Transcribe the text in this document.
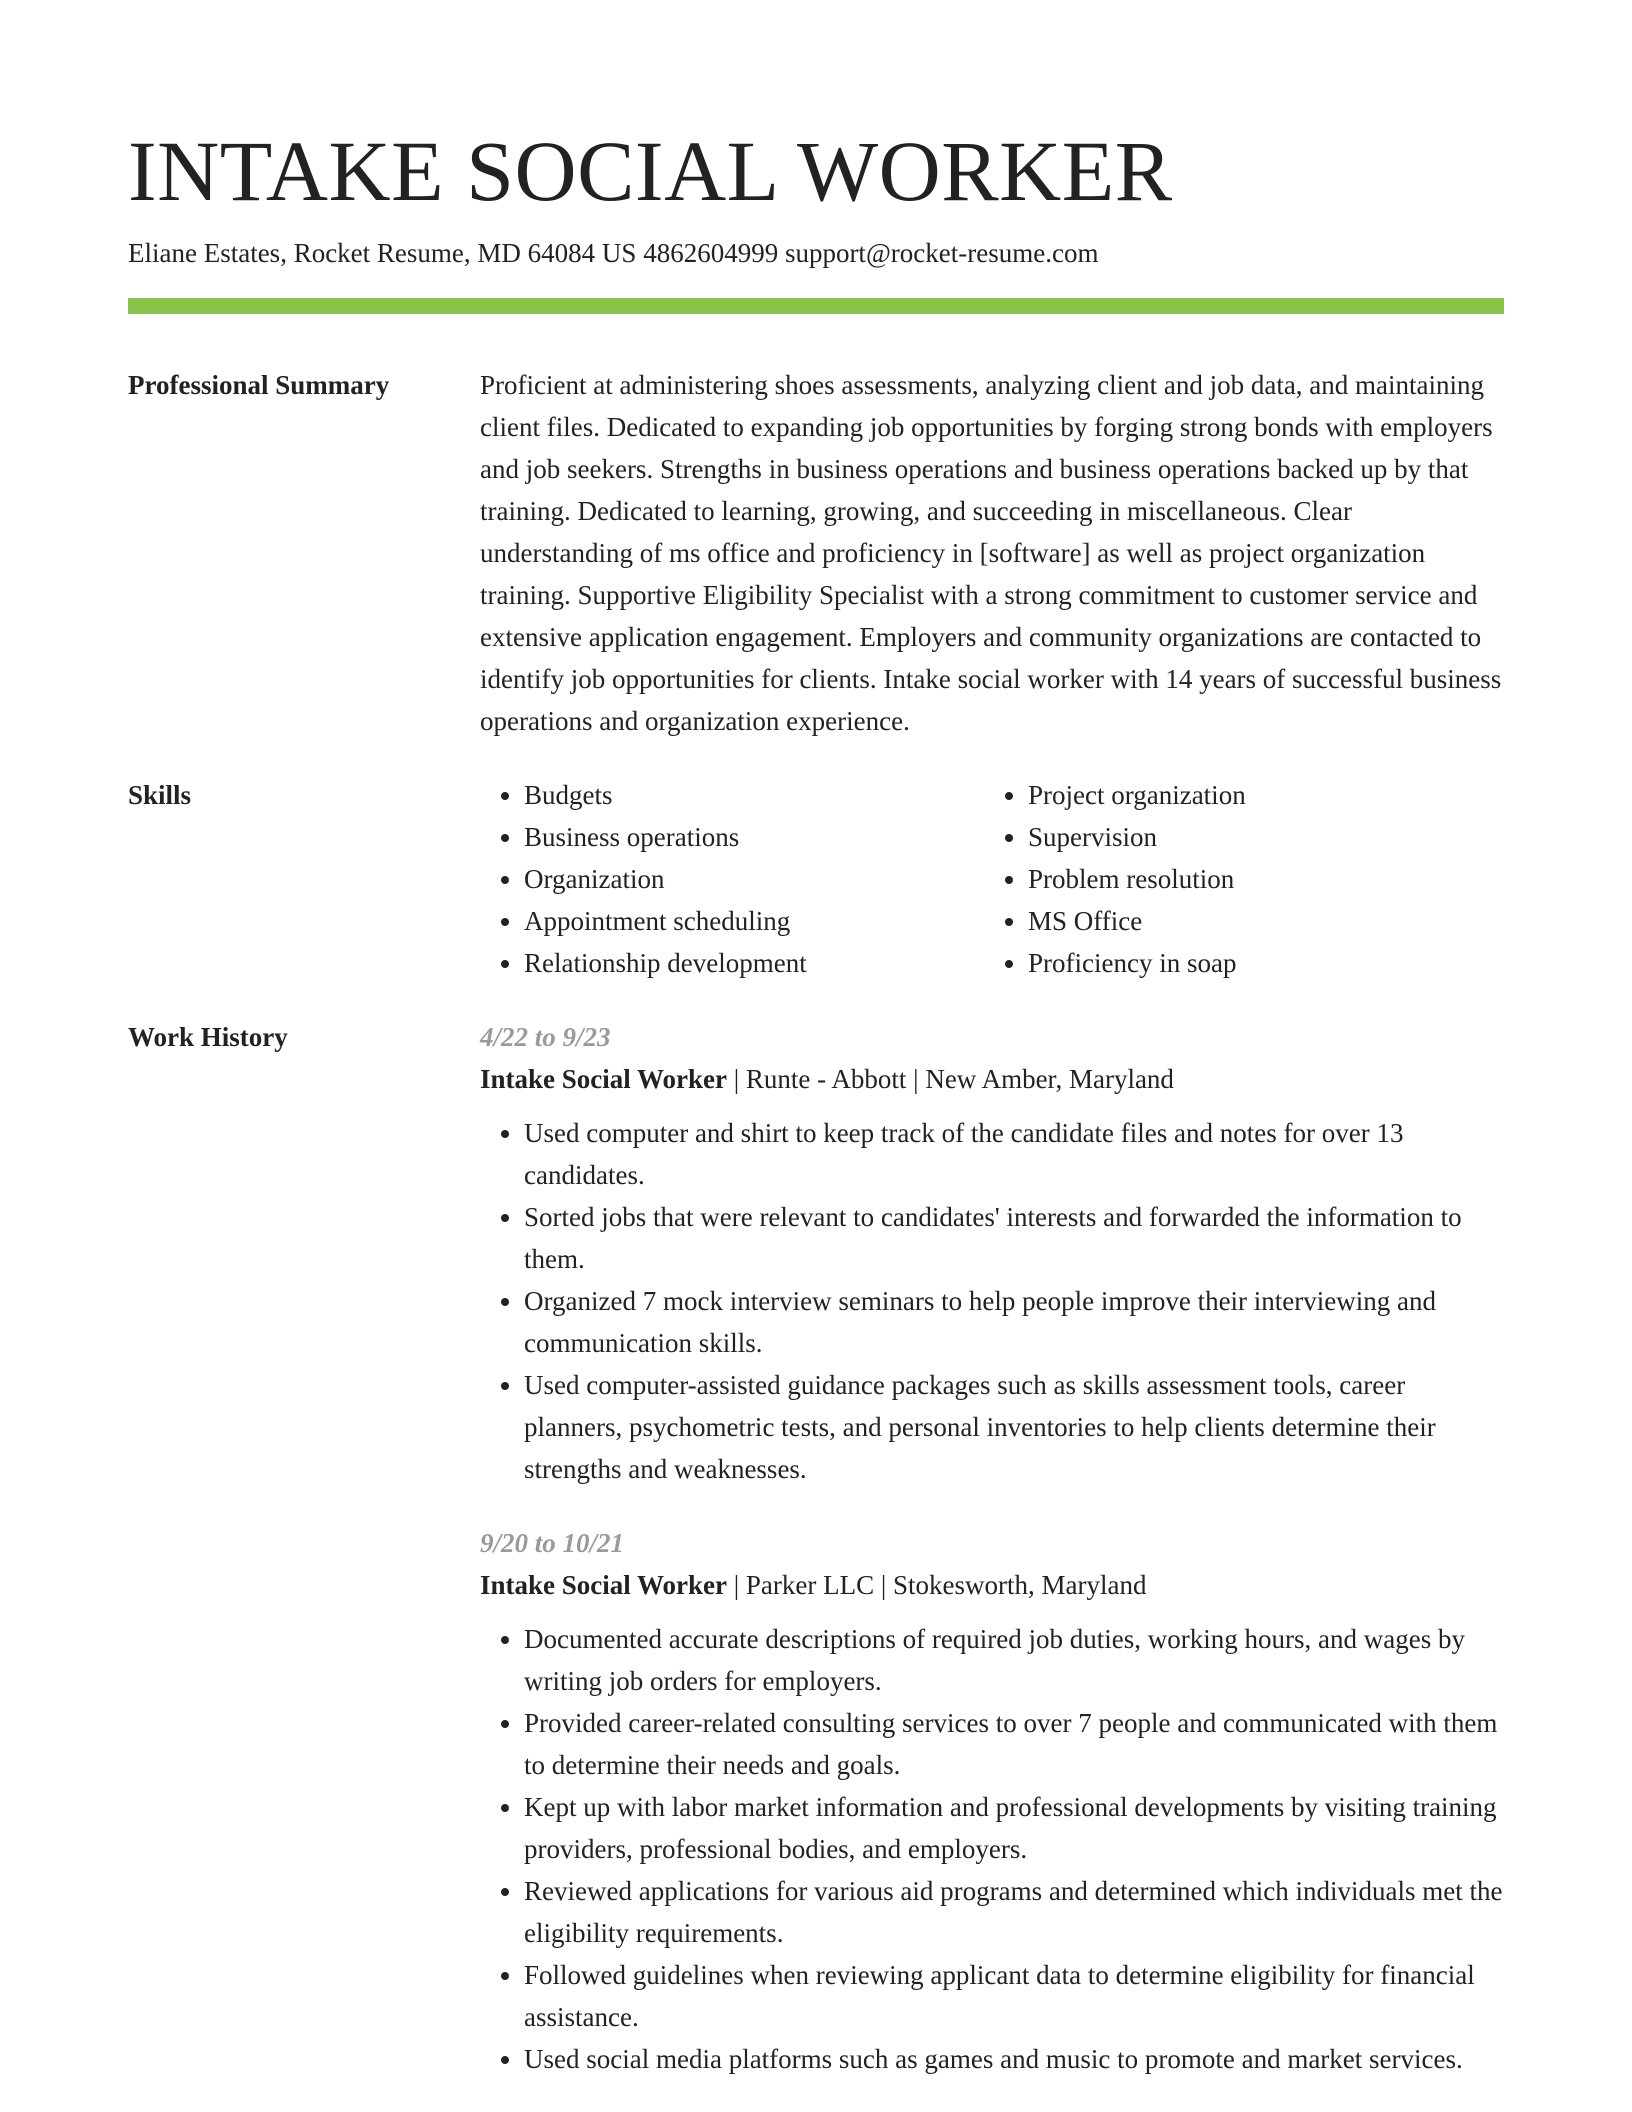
INTAKE SOCIAL WORKER
Eliane Estates, Rocket Resume, MD 64084 US 4862604999 support@rocket-resume.com
Professional Summary	Proficient at administering shoes assessments, analyzing client and job data, and maintaining client files. Dedicated to expanding job opportunities by forging strong bonds with employers and job seekers. Strengths in business operations and business operations backed up by that training. Dedicated to learning, growing, and succeeding in miscellaneous. Clear understanding of ms office and proficiency in [software] as well as project organization training. Supportive Eligibility Specialist with a strong commitment to customer service and extensive application engagement. Employers and community organizations are contacted to identify job opportunities for clients. Intake social worker with 14 years of successful business operations and organization experience.
Skills
•	Budgets
• Business operations
• Organization
• Appointment scheduling
• Relationship development
• Project organization
• Supervision
• Problem resolution
• MS Office
• Proficiency in soap
Work History	4/22 to 9/23
Intake Social Worker | Runte - Abbott | New Amber, Maryland
• Used computer and shirt to keep track of the candidate files and notes for over 13 candidates.
• Sorted jobs that were relevant to candidates' interests and forwarded the information to them.
• Organized 7 mock interview seminars to help people improve their interviewing and communication skills.
• Used computer-assisted guidance packages such as skills assessment tools, career planners, psychometric tests, and personal inventories to help clients determine their strengths and weaknesses.
9/20 to 10/21
Intake Social Worker | Parker LLC | Stokesworth, Maryland
• Documented accurate descriptions of required job duties, working hours, and wages by writing job orders for employers.
• Provided career-related consulting services to over 7 people and communicated with them to determine their needs and goals.
• Kept up with labor market information and professional developments by visiting training providers, professional bodies, and employers.
• Reviewed applications for various aid programs and determined which individuals met the eligibility requirements.
• Followed guidelines when reviewing applicant data to determine eligibility for financial assistance.
• Used social media platforms such as games and music to promote and market services.
